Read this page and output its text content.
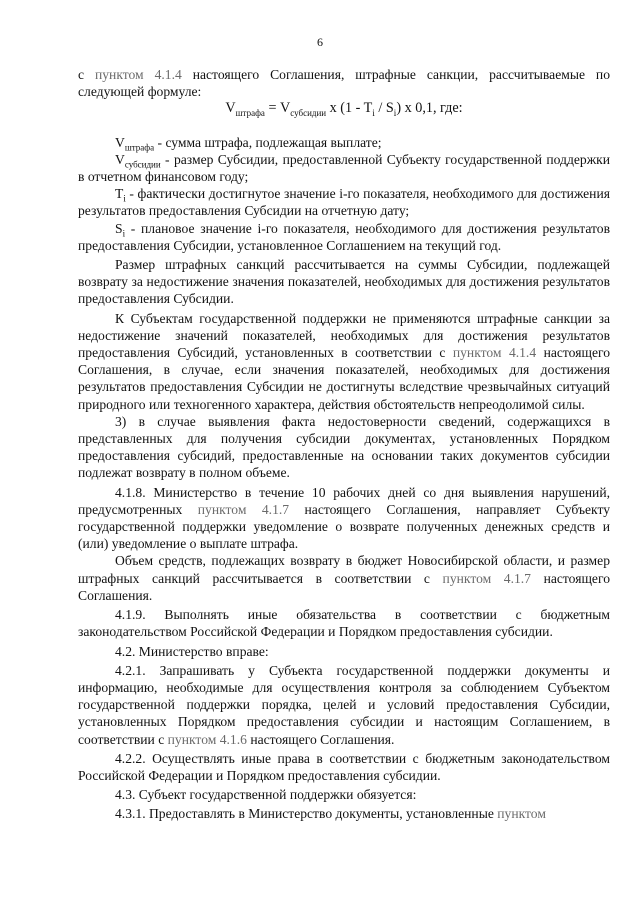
6

с пунктом 4.1.4 настоящего Соглашения, штрафные санкции, рассчитываемые по следующей формуле:

$V_{штрафа} = V_{субсидии}$ x $(1 - T_i / S_i)$ x 0,1, где:

$V_{штрафа}$ - сумма штрафа, подлежащая выплате;

$V_{субсидии}$ - размер Субсидии, предоставленной Субъекту государственной поддержки в отчетном финансовом году;

$T_i$ - фактически достигнутое значение i-го показателя, необходимого для достижения результатов предоставления Субсидии на отчетную дату;

$S_i$ - плановое значение i-го показателя, необходимого для достижения результатов предоставления Субсидии, установленное Соглашением на текущий год.

Размер штрафных санкций рассчитывается на суммы Субсидии, подлежащей возврату за недостижение значения показателей, необходимых для достижения результатов предоставления Субсидии.

К Субъектам государственной поддержки не применяются штрафные санкции за недостижение значений показателей, необходимых для достижения результатов предоставления Субсидий, установленных в соответствии с пунктом 4.1.4 настоящего Соглашения, в случае, если значения показателей, необходимых для достижения результатов предоставления Субсидии не достигнуты вследствие чрезвычайных ситуаций природного или техногенного характера, действия обстоятельств непреодолимой силы.

3) в случае выявления факта недостоверности сведений, содержащихся в представленных для получения субсидии документах, установленных Порядком предоставления субсидий, предоставленные на основании таких документов субсидии подлежат возврату в полном объеме.

4.1.8. Министерство в течение 10 рабочих дней со дня выявления нарушений, предусмотренных пунктом 4.1.7 настоящего Соглашения, направляет Субъекту государственной поддержки уведомление о возврате полученных денежных средств и (или) уведомление о выплате штрафа.

Объем средств, подлежащих возврату в бюджет Новосибирской области, и размер штрафных санкций рассчитывается в соответствии с пунктом 4.1.7 настоящего Соглашения.

4.1.9. Выполнять иные обязательства в соответствии с бюджетным законодательством Российской Федерации и Порядком предоставления субсидии.

4.2. Министерство вправе:

4.2.1. Запрашивать у Субъекта государственной поддержки документы и информацию, необходимые для осуществления контроля за соблюдением Субъектом государственной поддержки порядка, целей и условий предоставления Субсидии, установленных Порядком предоставления субсидии и настоящим Соглашением, в соответствии с пунктом 4.1.6 настоящего Соглашения.

4.2.2. Осуществлять иные права в соответствии с бюджетным законодательством Российской Федерации и Порядком предоставления субсидии.

4.3. Субъект государственной поддержки обязуется:

4.3.1. Предоставлять в Министерство документы, установленные пунктом
